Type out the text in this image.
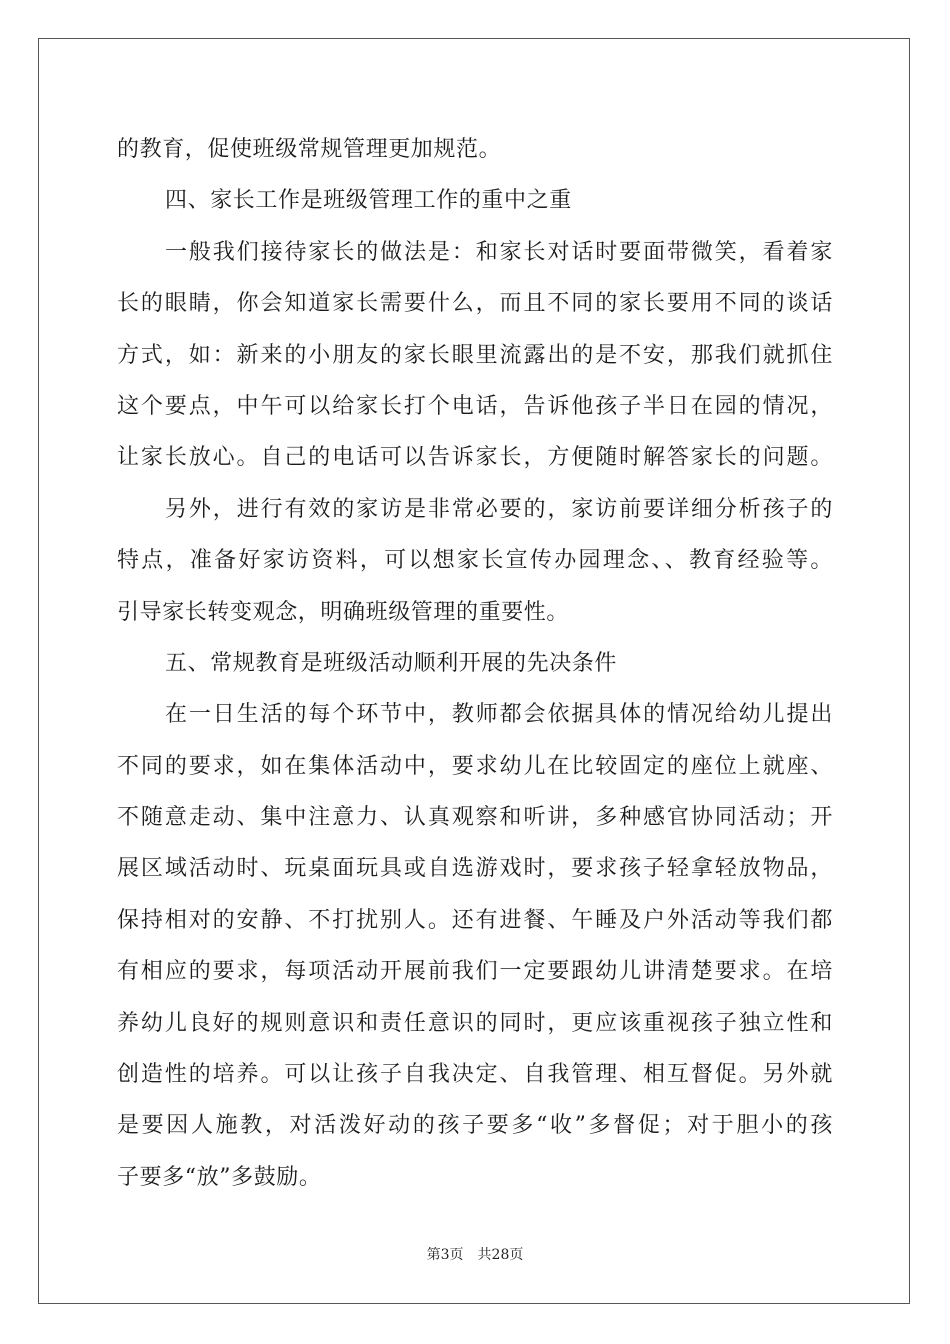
的教育，促使班级常规管理更加规范。
四、家长工作是班级管理工作的重中之重
一般我们接待家长的做法是：和家长对话时要面带微笑，看着家
长的眼睛，你会知道家长需要什么，而且不同的家长要用不同的谈话
方式，如：新来的小朋友的家长眼里流露出的是不安，那我们就抓住
这个要点，中午可以给家长打个电话，告诉他孩子半日在园的情况，
让家长放心。自己的电话可以告诉家长，方便随时解答家长的问题。
另外，进行有效的家访是非常必要的，家访前要详细分析孩子的
特点，准备好家访资料，可以想家长宣传办园理念、、教育经验等。
引导家长转变观念，明确班级管理的重要性。
五、常规教育是班级活动顺利开展的先决条件
在一日生活的每个环节中，教师都会依据具体的情况给幼儿提出
不同的要求，如在集体活动中，要求幼儿在比较固定的座位上就座、
不随意走动、集中注意力、认真观察和听讲，多种感官协同活动；开
展区域活动时、玩桌面玩具或自选游戏时，要求孩子轻拿轻放物品，
保持相对的安静、不打扰别人。还有进餐、午睡及户外活动等我们都
有相应的要求，每项活动开展前我们一定要跟幼儿讲清楚要求。在培
养幼儿良好的规则意识和责任意识的同时，更应该重视孩子独立性和
创造性的培养。可以让孩子自我决定、自我管理、相互督促。另外就
是要因人施教，对活泼好动的孩子要多“收”多督促；对于胆小的孩
子要多“放”多鼓励。
第3页　共28页
